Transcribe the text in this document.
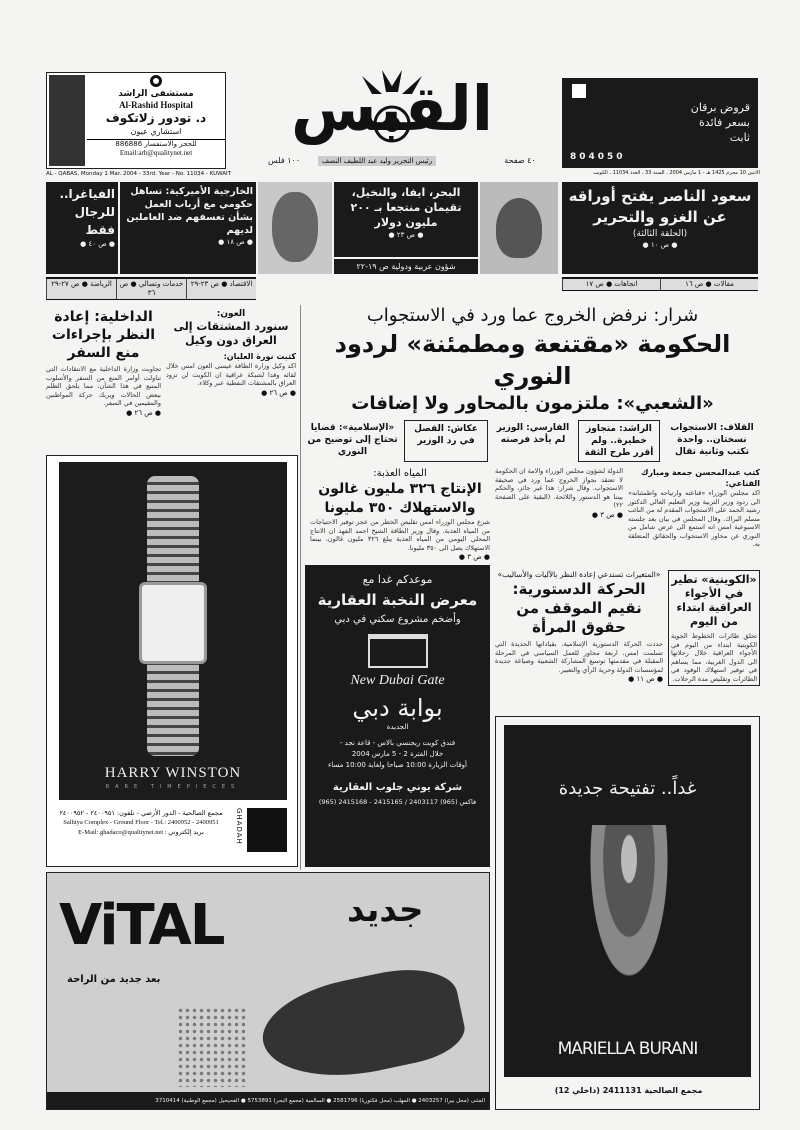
مستشفى الراشد
Al-Rashid Hospital
د. تودور زلاتكوف
استشاري عيون
للحجز والاستفسار 886886
Email:arh@qualitynet.net
AL - QABAS, Monday 1 Mar. 2004 - 33rd. Year - No. 11034 - KUWAIT
القبس
١٠٠ فلس	رئيس التحرير وليد عبد اللطيف النصف	٤٠ صفحة
قروض برقان
بسعر فائدة
ثابت
804050
الاثنين 10 محرم 1425 هـ - 1 مارس 2004 ، السنة 33 ، العدد 11034 ، الكويت
سعود الناصر يفتح أوراقه عن الغزو والتحرير
(الحلقة الثالثة)
● ص ١٠ ●
البحر، ايفا، والنخيل، تقيمان منتجعا بـ ٢٠٠ مليون دولار
● ص ٢٣ ●
شؤون عربية ودولية ص ١٩-٢٢
الخارجية الأميركية: تساهل حكومي مع أرباب العمل بشأن تعسفهم ضد العاملين لديهم
● ص ١٨ ●
الفياغرا.. للرجال فقط
● ص ٤٠ ●
مقالات ● ص ١٦
اتجاهات ● ص ١٧
الاقتصاد ● ص ٢٣-٢٩
خدمات وتسالي ● ص ٣٦
الرياضة ● ص ٢٧-٢٩
شرار: نرفض الخروج عما ورد في الاستجواب
الحكومة «مقتنعة ومطمئنة» لردود النوري
«الشعبي»: ملتزمون بالمحاور ولا إضافات
القلاف: الاستجواب نسختان.. واحدة تكتب وثانية تقال
الراشد: متجاوز خطيرة.. ولم أقرر طرح الثقة
الفارسي: الوزير لم يأخذ فرصته
عكاش: الفصل في رد الوزير
«الإسلامية»: قضايا تحتاج إلى توضيح من النوري
كتب عبدالمحسن جمعة ومبارك القناعي:
اكد مجلس الوزراء «قناعته وارتياحه واطمئنانه» الى ردود وزير التربية وزير التعليم العالي الدكتور رشيد الحمد على الاستجواب المقدم له من النائب مسلم البراك. وقال المجلس في بيان بعد جلسته الاسبوعية امس انه استمع الى عرض شامل من النوري عن محاور الاستجواب والحقائق المتعلقة به.
الدولة لشؤون مجلس الوزراء والامة ان الحكومة لا تعتقد بجواز الخروج عما ورد في صحيفة الاستجواب. وقال شرار: هذا غير جائز، والحكم بيننا هو الدستور واللائحة. (البقية على الصفحة ٢٢)
● ص ٣ ●
المياه العذبة:
الإنتاج ٣٢٦ مليون غالون والاستهلاك ٣٥٠ مليونا
شرع مجلس الوزراء امس تقليص الخطر من عجز توفير الاحتياجات من المياه العذبة. وقال وزير الطاقة الشيخ احمد الفهد ان الانتاج المحلي اليومي من المياه العذبة يبلغ ٣٢٦ مليون غالون، بينما الاستهلاك يصل الى ٣٥٠ مليونا.
● ص ٣ ●
الداخلية: إعادة النظر بإجراءات منع السفر
تجاوبت وزارة الداخلية مع الانتقادات التي تناولت أوامر المنع من السفر والأسلوب المتبع في هذا الشأن، مما يلحق الظلم ببعض الحالات ويربك حركة المواطنين والمقيمين في السفر.
● ص ٢٦ ●
العون:
سنورد المشتقات إلى العراق دون وكيل
كتبت نورة العلبان:
اكد وكيل وزارة الطاقة عيسى العون امس خلال لقائه وفدا لشبكة عراقية ان الكويت لن تزود العراق بالمشتقات النفطية عبر وكلاء.
● ص ٢٦ ●
HARRY WINSTON
RARE TIMEPIECES
GHADAH
مجمع الصالحية - الدور الأرضي - تلفون: ٢٤٠٠٩٥١ - ٢٤٠٠٩٥٢
Salhiya Complex - Ground Floor - Tel.: 2400952 - 2400951
E-Mail: ghadaco@qualitynet.net : بريد إلكتروني
موعدكم غدا مع
معرض النخبة العقارية
وأضخم مشروع سكني في دبي
New Dubai Gate
بوابة دبي
الجديدة
فندق كويت ريجنسي بالاس - قاعة نجد -
خلال الفترة 2 - 5 مارس 2004
أوقات الزيارة 10:00 صباحا ولغاية 10:00 مساء
شركة يوني جلوب العقارية
(965) 2415168 - فاكس (965) 2403117 / 2415165
«المتغيرات تستدعي إعادة النظر بالآليات والأساليب»
الحركة الدستورية: نقيم الموقف من حقوق المرأة
حددت الحركة الدستورية الإسلامية، بقياداتها الجديدة التي تسلمت امس، اربعة محاور للعمل السياسي في المرحلة المقبلة في مقدمتها توسيع المشاركة الشعبية وصياغة جديدة لمؤسسات الدولة وحرية الرأي والتعبير.
● ص ١١ ●
«الكويتية» تطير في الأجواء العراقية ابتداء من اليوم
تحلق طائرات الخطوط الجوية الكويتية ابتداء من اليوم في الأجواء العراقية خلال رحلاتها الى الدول الغربية، مما يساهم في توفير استهلاك الوقود في الطائرات وتقليص مدة الرحلات.
غداً.. تفتيحة جديدة
MARIELLA BURANI
مجمع الصالحية 2411131 (داخلي 12)
ViTAL
بعد جديد من الراحة
جديد
المثنى (محل بيرا) 2403257 ● المهلب (محل فكتوريا) 2581796 ● السالمية (مجمع البحر) 5753891 ● الفحيحيل (مجمع الوطنية) 3710414
